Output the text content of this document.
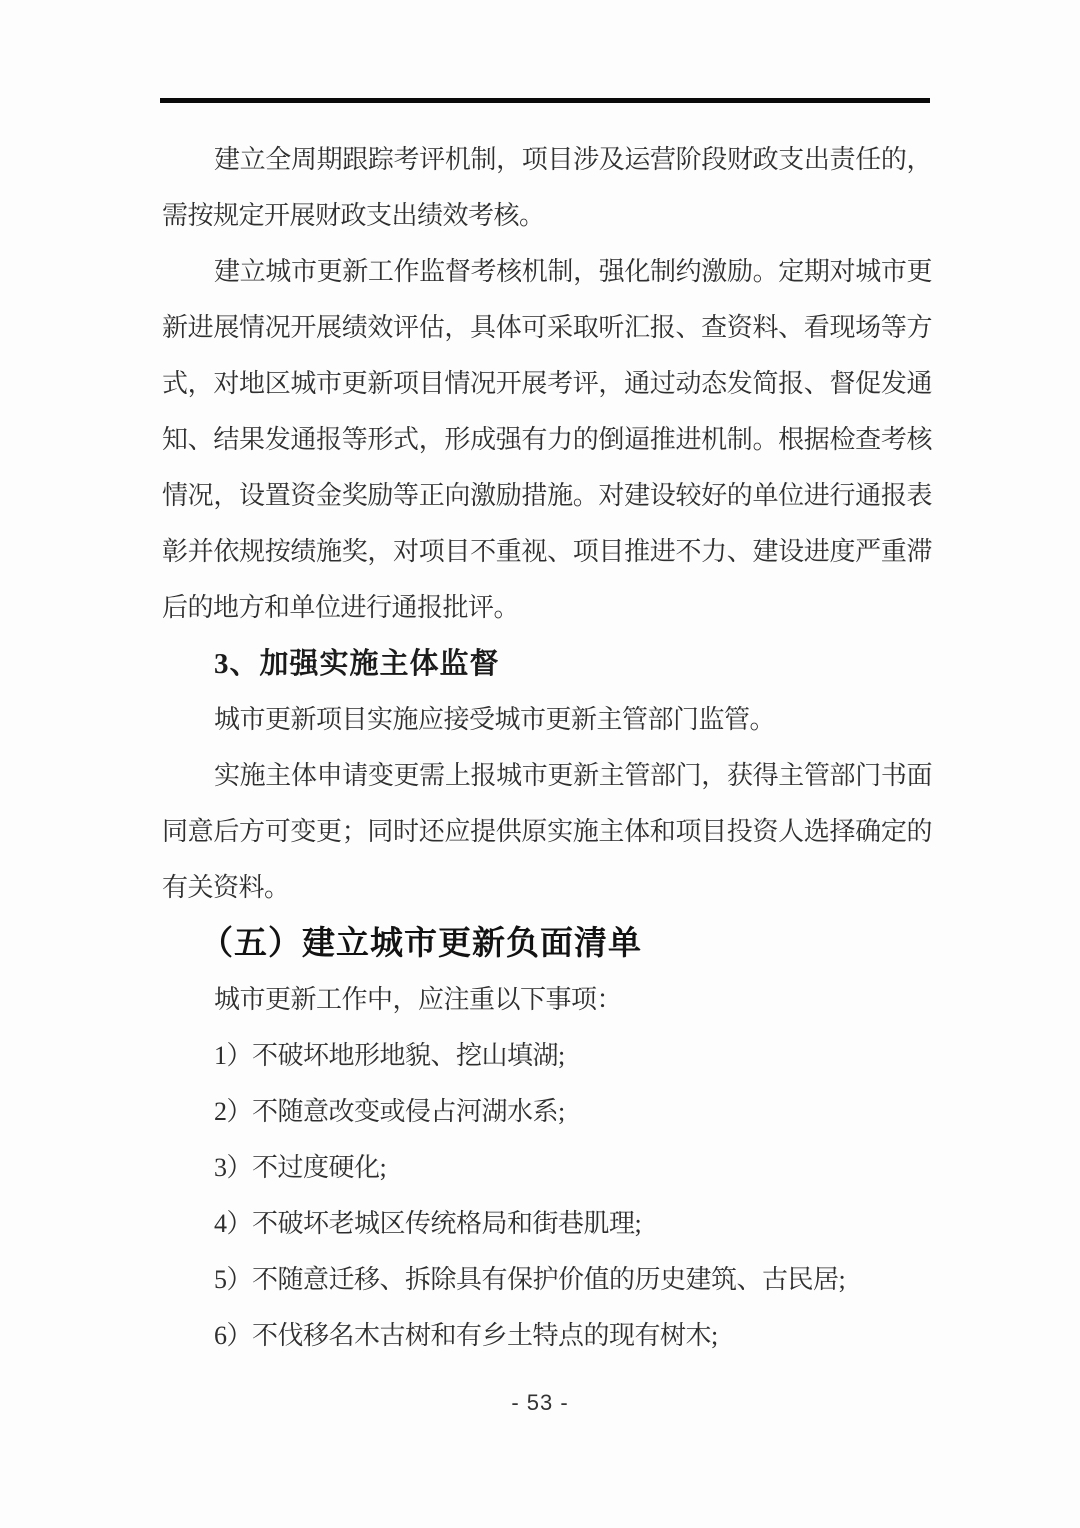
建立全周期跟踪考评机制，项目涉及运营阶段财政支出责任的，需按规定开展财政支出绩效考核。

建立城市更新工作监督考核机制，强化制约激励。定期对城市更新进展情况开展绩效评估，具体可采取听汇报、查资料、看现场等方式，对地区城市更新项目情况开展考评，通过动态发简报、督促发通知、结果发通报等形式，形成强有力的倒逼推进机制。根据检查考核情况，设置资金奖励等正向激励措施。对建设较好的单位进行通报表彰并依规按绩施奖，对项目不重视、项目推进不力、建设进度严重滞后的地方和单位进行通报批评。

3、加强实施主体监督

城市更新项目实施应接受城市更新主管部门监管。

实施主体申请变更需上报城市更新主管部门，获得主管部门书面同意后方可变更；同时还应提供原实施主体和项目投资人选择确定的有关资料。

（五）建立城市更新负面清单

城市更新工作中，应注重以下事项：

1）不破坏地形地貌、挖山填湖;
2）不随意改变或侵占河湖水系;
3）不过度硬化;
4）不破坏老城区传统格局和街巷肌理;
5）不随意迁移、拆除具有保护价值的历史建筑、古民居;
6）不伐移名木古树和有乡土特点的现有树木;
- 53 -
